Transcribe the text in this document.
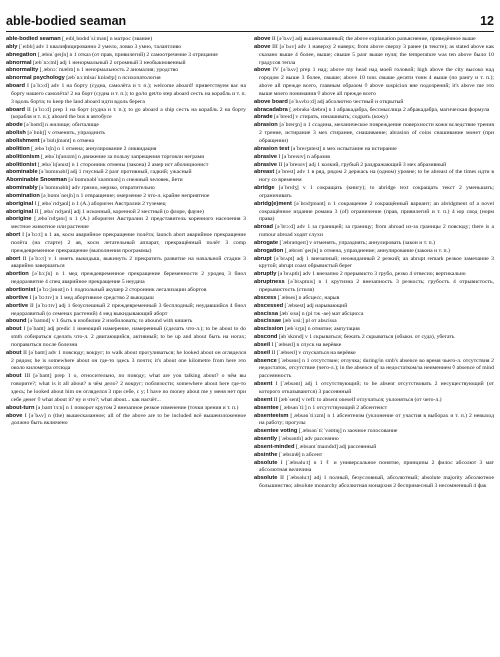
able-bodied seaman	12

able-bodied seaman [ˌeɪbl̩ˌbɒdɪdˈsiːmən] n матрос (звание)

ably [ˈeɪblɪ] adv 1 квалифицированно 2 умело, ловко 3 умно, талантливо

abnegation [ˌæbnɪˈɡeɪʃn] n 1 отказ (от прав, привилегий) 2 самоотречение 3 отрицание

abnormal [æbˈnɔːml] adj 1 ненормальный 2 огромный 3 необыкновенный

abnormality [ˌæbnɔːˈmælɪtɪ] n 1 ненормальность 2 аномалия; уродство

abnormal psychology [æbˈnɔːmlsaɪˈkɒlədʒɪ] n психопатология

aboard I [əˈbɔːd] adv 1 на борту (судна, самолёта и т. п.); welcome aboard! приветствуем вас на борту нашего самолёта! 2 на борт (судна и т. п.); to go/to get/to step aboard сесть на корабль и т. п. 3 вдоль борта; to keep the land aboard идти вдоль берега

aboard II [əˈbɔːd] prep 1 на борт (судна и т. п.); to go aboard a ship сесть на корабль 2 на борту (корабля и т. п.); aboard the bus в автобусе

abode [əˈbəʊd] n жилище; обиталище

abolish [əˈbɒlɪʃ] v отменить, упразднить

abolishment [əˈbɒlɪʃmənt] n отмена

abolition [ˌæbəˈlɪʃn] n 1 отмена; аннулирование 2 ликвидация

abolitionism [ˌæbəˈlɪʃənɪzm] n движение за пользу запрещения торговли неграми

abolitionist [ˌæbəˈlɪʃənɪst] n 1 сторонник отмены (закона) 2 амер ист аболиционист

abominable [əˈbɒmɪnəbl] adj 1 гнусный 2 разг противный, гадкий; ужасный

Abominable Snowman [əˈbɒmɪnəblˈsnəʊmən] n снежный человек, йети

abominably [əˈbɒmɪnəblɪ] adv грязно, мерзко, отвратительно

abomination [əˌbɒmɪˈneɪʃn] n 1 отвращение; омерзение 2 что-л. крайне неприятное

aboriginal I [ˌæbəˈrɪdʒənl] n 1 (A.) абориген Австралии 2 туземец

aboriginal II [ˌæbəˈrɪdʒənl] adj 1 исконный, коренной 2 местный (о флоре, фауне)

aborigine [ˌæbəˈrɪdʒənɪ] n 1 (A.) абориген Австралии 2 представитель коренного населения 3 местное животное или растение

abort I [əˈbɔːt] n 1 ав, косм аварийное прекращение полёта; launch abort аварийное прекращение полёта (на старте) 2 ав, косм летательный аппарат, прекращённый полёт 3 comp преждевременное прекращение (выполнения программы)

abort II [əˈbɔːt] v 1 иметь выкидыш, выкинуть 2 прекратить развитие на начальной стадии 3 аварийно завершаться

abortion [əˈbɔːʃn] n 1 мед преждевременное прекращение беременности 2 уродец 3 биол недоразвитие 4 спец аварийное прекращение 5 неудача

abortionist [əˈbɔːʃənɪst] n 1 подпольный акушер 2 сторонник легализации абортов

abortive I [əˈbɔːtɪv] n 1 мед абортивное средство 2 выкидыш

abortive II [əˈbɔːtɪv] adj 1 безуспешный 2 преждевременный 3 бесплодный; неудавшийся 4 биол недоразвитый (о семенах растений) 4 мед выкидывающий аборт

abound [əˈbaʊnd] v 1 быть в изобилии 2 изобиловать; to abound with кишеть

about I [əˈbaʊt] adj predic 1 имеющий намерение, намеренный (сделать что-л.); to be about to do smth собираться сделать что-л. 2 двигающийся, активный; to be up and about быть на ногах; поправиться после болезни

about II [əˈbaʊt] adv 1 повсюду; вокруг; to walk about прогуливаться; he looked about он огляделся 2 рядом; he is somewhere about он где-то здесь 3 почти; it's about one kilometre from here это около километра отсюда

about III [əˈbaʊt] prep 1 о, относительно, по поводу; what are you talking about? о чём вы говорите?; what is it all about? в чём дело? 2 вокруг; поблизости; somewhere about here где-то здесь; he looked about him он огляделся 3 при себе, с у; I have no money about me у меня нет при себе денег ◊ what about it? ну и что?; what about... как насчёт...

about-turn [əˌbaʊtˈtɜːn] n 1 поворот кругом 2 внезапное резкое изменение (точки зрения и т. п.)

above I [əˈbʌv] n (the) вышесказанное; all of the above are to be included всё вышеизложенное должно быть включено

above II [əˈbʌv] adj вышеназванный; the above explanation разъяснение, приведённое выше

above III [əˈbʌv] adv 1 наверху 2 наверх; from above сверху 3 ранее (в тексте); as stated above как сказано выше 4 более, выше; свыше 5 разг выше нуля; the temperature was ten above было 10 градусов тепла

above IV [əˈbʌv] prep 1 над; above my head над моей головой; high above the city высоко над городом 2 выше 3 более, свыше; above 10 tons свыше десяти тонн 4 выше (по рангу и т. п.); above all прежде всего, главным образом ◊ above suspicion вне подозрений; it's above me это выше моего понимания ◊ above all прежде всего

above board [əˈbʌvbɔːd] adj абсолютно честный и открытый

abracadabra [ˌæbrəkəˈdæbrə] n 1 абракадабра, бессмыслица 2 абракадабра, магическая формула

abrade [əˈbreɪd] v стирать, изнашивать; содрать (кожу)

abrasion [əˈbreɪʒn] n 1 ссадина, механическое повреждение поверхности кожи вследствие трения 2 трение, истирание 3 мех стирание, снашивание; abrasion of coins снашивание монет (при обращении)

abrasion test [əˈbreɪʒntest] n мех испытание на истирание

abrasive I [əˈbreɪsɪv] n абразив

abrasive II [əˈbreɪsɪv] adj 1 колкий, грубый 2 раздражающий 3 мех абразивный

abreast [əˈbrest] adv 1 в ряд, рядом 2 держась на (одном) уровне; to be abreast of the times идти в ногу со временем

abridge [əˈbrɪdʒ] v 1 сокращать (книгу); to abridge text сокращать текст 2 уменьшать; ограничивать

abridg(e)ment [əˈbrɪdʒmənt] n 1 сокращение 2 сокращённый вариант; an abridgment of a novel сокращённое издание романа 3 (of) ограничение (прав, привилегий и т. п.) 4 юр свод (норм права)

abroad [əˈbrɔːd] adv 1 за границей; за границу; from abroad из-за границы 2 повсюду; there is a rumour abroad ходят слухи

abrogate [ˈæbrəʊɡeɪt] v отменять, упразднять; аннулировать (закон и т. п.)

abrogation [ˌæbrəʊˈɡeɪʃn] n отмена, упразднение; аннулирование (закона и т. п.)

abrupt [əˈbrʌpt] adj 1 внезапный; неожиданный 2 резкий; an abrupt remark резкое замечание 3 крутой; abrupt coast обрывистый берег

abruptly [əˈbrʌptlɪ] adv 1 внезапно 2 прерывисто 3 грубо, резко 4 отвесно; вертикально

abruptness [əˈbrʌptnɪs] n 1 крутизна 2 внезапность 3 резкость; грубость 4 отрывистость, прерывистость (стиля)

abscess [ˈæbses] n абсцесс, нарыв

abscessed [ˈæbsest] adj нарывающий

abscissa [æbˈsɪsə] n (pl тж -ae) мат абсцисса

abscissae [æbˈsɪsiː] pl от abscissa

abscission [æbˈsɪʒn] n отнятие; ампутация

abscond [əbˈskɒnd] v 1 скрываться; бежать 2 скрываться (обыкн. от суда), убегать

abseil I [ˈæbseɪl] n спуск на верёвке

abseil II [ˈæbseɪl] v спускаться на верёвке

absence [ˈæbsəns] n 1 отсутствие; отлучка; during/in smb's absence во время чьего-л. отсутствия 2 недостаток, отсутствие (чего-л.); in the absence of за недостатком/за неимением ◊ absence of mind рассеянность

absent I [ˈæbsənt] adj 1 отсутствующий; to be absent отсутствовать 2 несуществующий (от которого отказываются) 3 рассеянный

absent II [æbˈsent] v refl: to absent oneself отлучаться; уклоняться (от чего-л.)

absentee [ˌæbsənˈtiː] n 1 отсутствующий 2 абсентеист

absenteeism [ˌæbsənˈtiːɪzm] n 1 абсентеизм (уклонение от участия в выборах и т. п.) 2 невыход на работу; прогулы

absentee voting [ˌæbsənˈtiːˈvəʊtɪŋ] n заочное голосование

absently [ˈæbsəntlɪ] adv рассеянно

absent-minded [ˌæbsəntˈmaɪndɪd] adj рассеянный

absinthe [ˈæbsɪnθ] n абсент

absolute I [ˈæbsəluːt] n 1 ℓ и универсальное понятие, принципы 2 филос абсолют 3 мат абсолютная величина

absolute II [ˈæbsəluːt] adj 1 полный, безусловный, абсолютный; absolute majority абсолютное большинство; absolute monarchy абсолютная монархия 2 беспримесный 3 несомненный 4 фак
